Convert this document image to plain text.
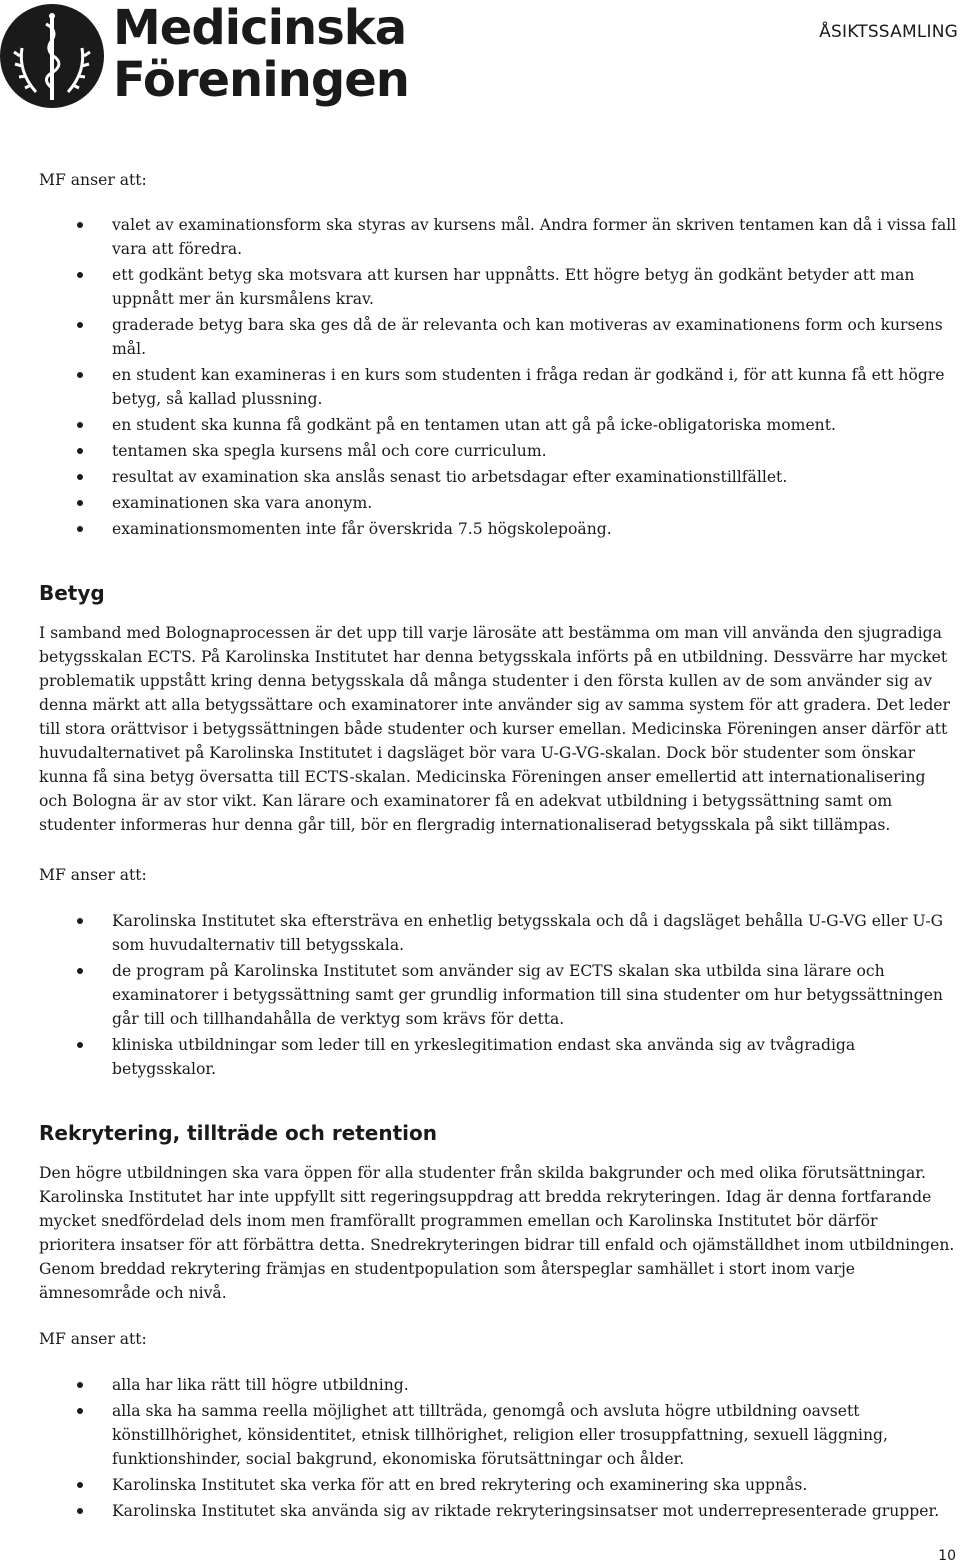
Medicinska
Föreningen
ÅSIKTSSAMLING

MF anser att:

valet av examinationsform ska styras av kursens mål. Andra former än skriven tentamen kan då i vissa fall vara att föredra.
ett godkänt betyg ska motsvara att kursen har uppnåtts. Ett högre betyg än godkänt betyder att man uppnått mer än kursmålens krav.
graderade betyg bara ska ges då de är relevanta och kan motiveras av examinationens form och kursens mål.
en student kan examineras i en kurs som studenten i fråga redan är godkänd i, för att kunna få ett högre betyg, så kallad plussning.
en student ska kunna få godkänt på en tentamen utan att gå på icke-obligatoriska moment.
tentamen ska spegla kursens mål och core curriculum.
resultat av examination ska anslås senast tio arbetsdagar efter examinationstillfället.
examinationen ska vara anonym.
examinationsmomenten inte får överskrida 7.5 högskolepoäng.
Betyg

I samband med Bolognaprocessen är det upp till varje lärosäte att bestämma om man vill använda den sjugradiga betygsskalan ECTS. På Karolinska Institutet har denna betygsskala införts på en utbildning. Dessvärre har mycket problematik uppstått kring denna betygsskala då många studenter i den första kullen av de som använder sig av denna märkt att alla betygssättare och examinatorer inte använder sig av samma system för att gradera. Det leder till stora orättvisor i betygssättningen både studenter och kurser emellan. Medicinska Föreningen anser därför att huvudalternativet på Karolinska Institutet i dagsläget bör vara U-G-VG-skalan. Dock bör studenter som önskar kunna få sina betyg översatta till ECTS-skalan. Medicinska Föreningen anser emellertid att internationalisering och Bologna är av stor vikt. Kan lärare och examinatorer få en adekvat utbildning i betygssättning samt om studenter informeras hur denna går till, bör en flergradig internationaliserad betygsskala på sikt tillämpas.

MF anser att:

Karolinska Institutet ska eftersträva en enhetlig betygsskala och då i dagsläget behålla U-G-VG eller U-G som huvudalternativ till betygsskala.
de program på Karolinska Institutet som använder sig av ECTS skalan ska utbilda sina lärare och examinatorer i betygssättning samt ger grundlig information till sina studenter om hur betygssättningen går till och tillhandahålla de verktyg som krävs för detta.
kliniska utbildningar som leder till en yrkeslegitimation endast ska använda sig av tvågradiga betygsskalor.
Rekrytering, tillträde och retention

Den högre utbildningen ska vara öppen för alla studenter från skilda bakgrunder och med olika förutsättningar. Karolinska Institutet har inte uppfyllt sitt regeringsuppdrag att bredda rekryteringen. Idag är denna fortfarande mycket snedfördelad dels inom men framförallt programmen emellan och Karolinska Institutet bör därför prioritera insatser för att förbättra detta. Snedrekryteringen bidrar till enfald och ojämställdhet inom utbildningen. Genom breddad rekrytering främjas en studentpopulation som återspeglar samhället i stort inom varje ämnesområde och nivå.

MF anser att:

alla har lika rätt till högre utbildning.
alla ska ha samma reella möjlighet att tillträda, genomgå och avsluta högre utbildning oavsett könstillhörighet, könsidentitet, etnisk tillhörighet, religion eller trosuppfattning, sexuell läggning, funktionshinder, social bakgrund, ekonomiska förutsättningar och ålder.
Karolinska Institutet ska verka för att en bred rekrytering och examinering ska uppnås.
Karolinska Institutet ska använda sig av riktade rekryteringsinsatser mot underrepresenterade grupper.
10
